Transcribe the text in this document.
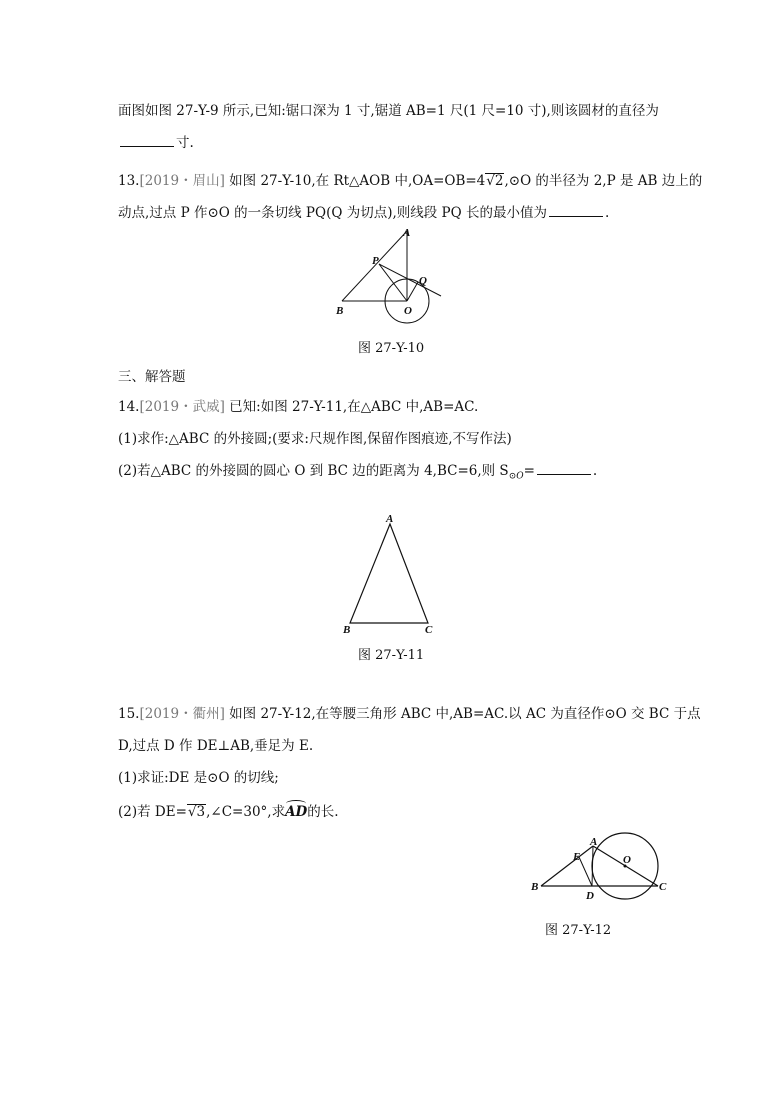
面图如图 27-Y-9 所示,已知:锯口深为 1 寸,锯道 AB=1 尺(1 尺=10 寸),则该圆材的直径为
寸.
13.[2019・眉山] 如图 27-Y-10,在 Rt△AOB 中,OA=OB=4√2,⊙O 的半径为 2,P 是 AB 边上的
动点,过点 P 作⊙O 的一条切线 PQ(Q 为切点),则线段 PQ 长的最小值为	.
A
P
Q
B	O
图 27-Y-10
三、解答题
14.[2019・武威] 已知:如图 27-Y-11,在△ABC 中,AB=AC.
(1)求作:△ABC 的外接圆;(要求:尺规作图,保留作图痕迹,不写作法)
(2)若△ABC 的外接圆的圆心 O 到 BC 边的距离为 4,BC=6,则 $S_{⊙O}=$	.
A
B	C
图 27-Y-11
15.[2019・衢州] 如图 27-Y-12,在等腰三角形 ABC 中,AB=AC.以 AC 为直径作⊙O 交 BC 于点
D,过点 D 作 DE⊥AB,垂足为 E.
(1)求证:DE 是⊙O 的切线;
(2)若 DE=√3,∠C=30°,求AD的长.
E
A
O
B
D
C
图 27-Y-12
